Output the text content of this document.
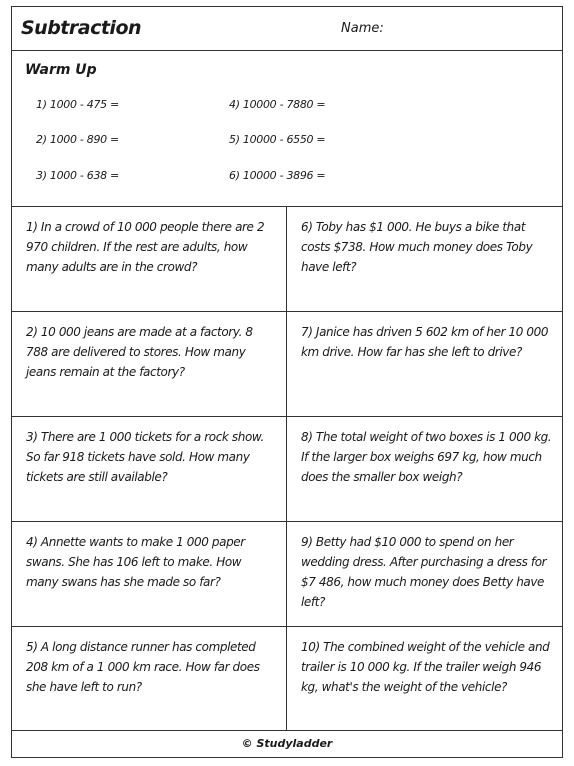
Subtraction	Name:
Warm Up
1) 1000 - 475 =
2) 1000 - 890 =
3) 1000 - 638 =
4) 10000 - 7880 =
5) 10000 - 6550 =
6) 10000 - 3896 =
1) In a crowd of 10 000 people there are 2 970 children. If the rest are adults, how many adults are in the crowd?
6) Toby has $1 000. He buys a bike that costs $738. How much money does Toby have left?
2) 10 000 jeans are made at a factory. 8 788 are delivered to stores. How many jeans remain at the factory?
7) Janice has driven 5 602 km of her 10 000 km drive. How far has she left to drive?
3) There are 1 000 tickets for a rock show. So far 918 tickets have sold. How many tickets are still available?
8) The total weight of two boxes is 1 000 kg. If the larger box weighs 697 kg, how much does the smaller box weigh?
4) Annette wants to make 1 000 paper swans. She has 106 left to make. How many swans has she made so far?
9) Betty had $10 000 to spend on her wedding dress. After purchasing a dress for $7 486, how much money does Betty have left?
5) A long distance runner has completed 208 km of a 1 000 km race. How far does she have left to run?
10) The combined weight of the vehicle and trailer is 10 000 kg. If the trailer weigh 946 kg, what's the weight of the vehicle?
© Studyladder
